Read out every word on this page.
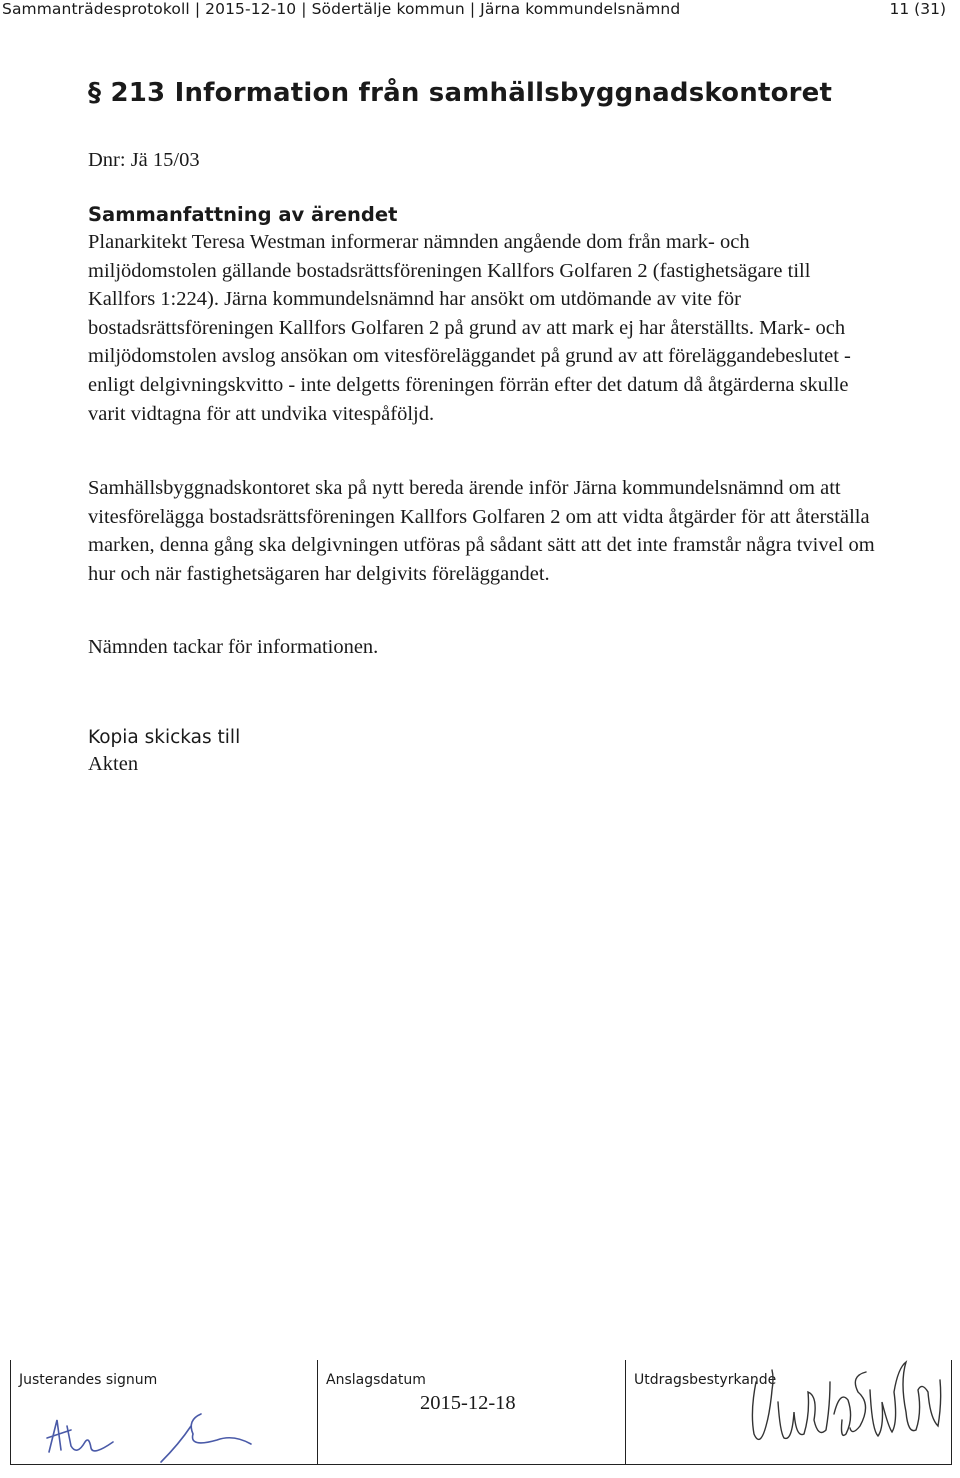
Sammanträdesprotokoll | 2015-12-10 | Södertälje kommun | Järna kommundelsnämnd	11 (31)
§ 213 Information från samhällsbyggnadskontoret
Dnr: Jä 15/03
Sammanfattning av ärendet
Planarkitekt Teresa Westman informerar nämnden angående dom från mark- och
miljödomstolen gällande bostadsrättsföreningen Kallfors Golfaren 2 (fastighetsägare till
Kallfors 1:224). Järna kommundelsnämnd har ansökt om utdömande av vite för
bostadsrättsföreningen Kallfors Golfaren 2 på grund av att mark ej har återställts. Mark- och
miljödomstolen avslog ansökan om vitesföreläggandet på grund av att föreläggandebeslutet -
enligt delgivningskvitto - inte delgetts föreningen förrän efter det datum då åtgärderna skulle
varit vidtagna för att undvika vitespåföljd.
Samhällsbyggnadskontoret ska på nytt bereda ärende inför Järna kommundelsnämnd om att
vitesförelägga bostadsrättsföreningen Kallfors Golfaren 2 om att vidta åtgärder för att återställa
marken, denna gång ska delgivningen utföras på sådant sätt att det inte framstår några tvivel om
hur och när fastighetsägaren har delgivits föreläggandet.
Nämnden tackar för informationen.
Kopia skickas till
Akten
Justerandes signum	Anslagsdatum
2015-12-18
Utdragsbestyrkande
